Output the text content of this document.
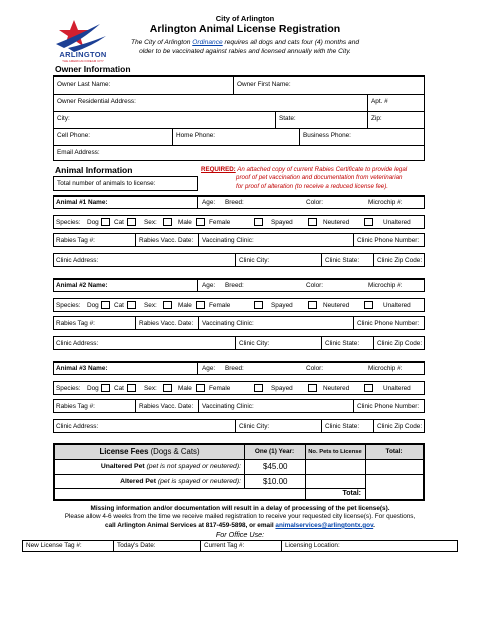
ARLINGTON
THE AMERICAN DREAM CITY
City of Arlington
Arlington Animal License Registration
The City of Arlington Ordinance requires all dogs and cats four (4) months and
older to be vaccinated against rabies and licensed annually with the City.
Owner Information
Owner Last Name:	Owner First Name:
Owner Residential Address:	Apt. #
City:	State:	Zip:
Cell Phone:	Home Phone:	Business Phone:
Email Address:
Animal Information
Total number of animals to license:
REQUIRED: An attached copy of current Rabies Certificate to provide legal
proof of pet vaccination and documentation from veterinarian
for proof of alteration (to receive a reduced license fee).
Animal #1 Name:	Age: Breed:	Color:	Microchip #:
Species: Dog Cat	Sex:	Male	Female	Spayed	Neutered	Unaltered
Rabies Tag #:	Rabies Vacc. Date: Vaccinating Clinic:	Clinic Phone Number:
Clinic Address:	Clinic City:	Clinic State:	Clinic Zip Code:
Animal #2 Name:	Age: Breed:	Color:	Microchip #:
Species: Dog Cat	Sex:	Male	Female	Spayed	Neutered	Unaltered
Rabies Tag #:	Rabies Vacc. Date: Vaccinating Clinic:	Clinic Phone Number:
Clinic Address:	Clinic City:	Clinic State:	Clinic Zip Code:
Animal #3 Name:	Age: Breed:	Color:	Microchip #:
Species: Dog Cat	Sex:	Male	Female	Spayed	Neutered	Unaltered
Rabies Tag #:	Rabies Vacc. Date: Vaccinating Clinic:	Clinic Phone Number:
Clinic Address:	Clinic City:	Clinic State:	Clinic Zip Code:
License Fees (Dogs & Cats)	One (1) Year:	No. Pets to License	Total:
Unaltered Pet (pet is not spayed or neutered):	$45.00
Altered Pet (pet is spayed or neutered):	$10.00
Total:
Missing information and/or documentation will result in a delay of processing of the pet license(s).
Please allow 4-6 weeks from the time we receive mailed registration to receive your requested city license(s). For questions,
call Arlington Animal Services at 817-459-5898, or email animalservices@arlingtontx.gov.
For Office Use:
New License Tag #:	Today's Date:	Current Tag #:	Licensing Location:
